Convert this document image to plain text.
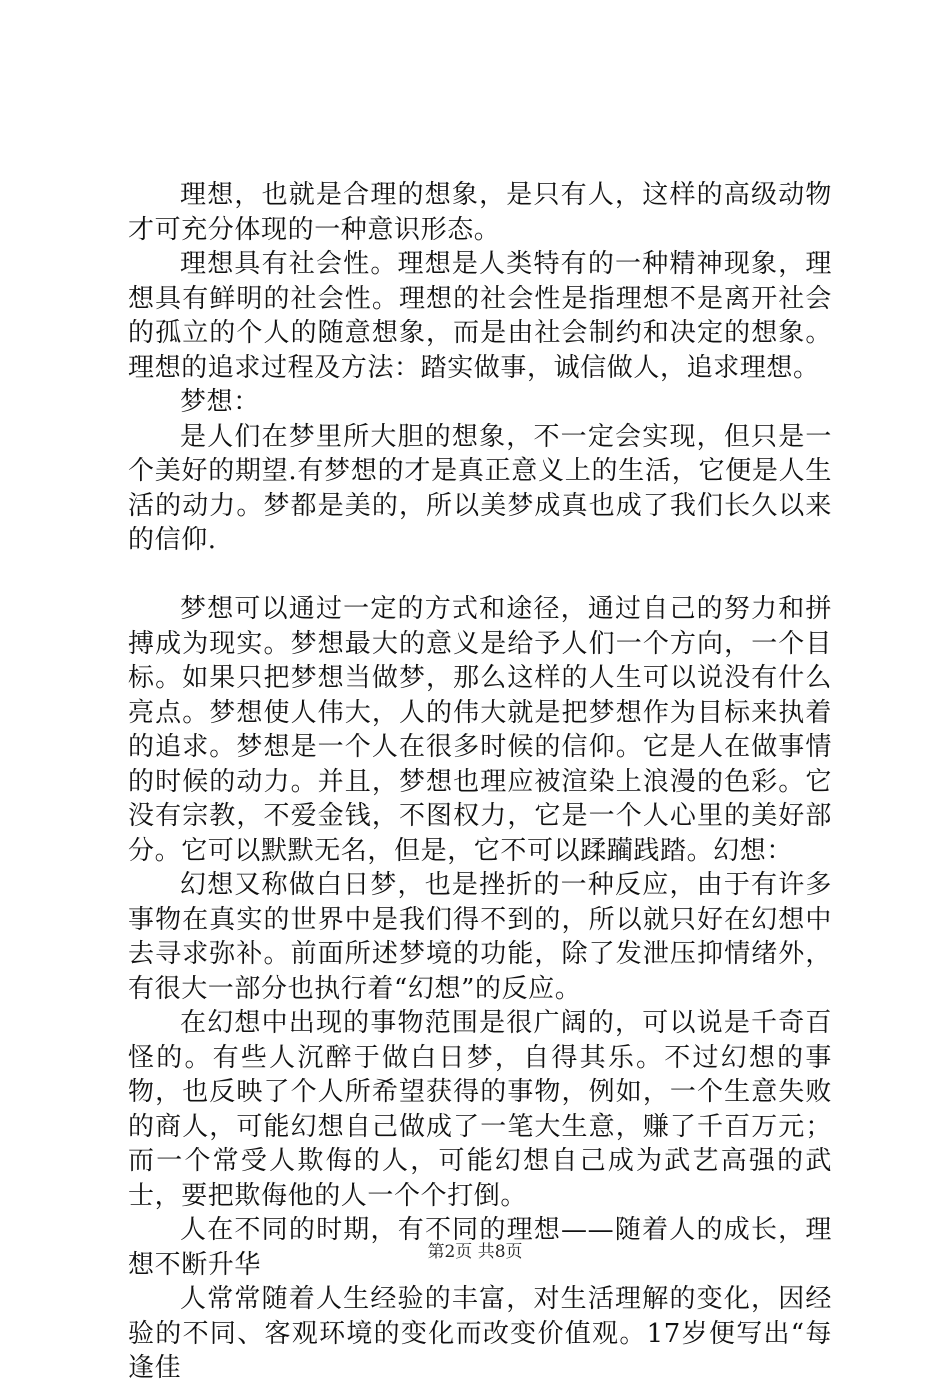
理想，也就是合理的想象，是只有人，这样的高级动物才可充分体现的一种意识形态。

理想具有社会性。理想是人类特有的一种精神现象，理想具有鲜明的社会性。理想的社会性是指理想不是离开社会的孤立的个人的随意想象，而是由社会制约和决定的想象。理想的追求过程及方法：踏实做事，诚信做人，追求理想。

梦想：

是人们在梦里所大胆的想象，不一定会实现，但只是一个美好的期望.有梦想的才是真正意义上的生活，它便是人生活的动力。梦都是美的，所以美梦成真也成了我们长久以来的信仰.

梦想可以通过一定的方式和途径，通过自己的努力和拼搏成为现实。梦想最大的意义是给予人们一个方向，一个目标。如果只把梦想当做梦，那么这样的人生可以说没有什么亮点。梦想使人伟大，人的伟大就是把梦想作为目标来执着的追求。梦想是一个人在很多时候的信仰。它是人在做事情的时候的动力。并且，梦想也理应被渲染上浪漫的色彩。它没有宗教，不爱金钱，不图权力，它是一个人心里的美好部分。它可以默默无名，但是，它不可以蹂躏践踏。幻想：

幻想又称做白日梦，也是挫折的一种反应，由于有许多事物在真实的世界中是我们得不到的，所以就只好在幻想中去寻求弥补。前面所述梦境的功能，除了发泄压抑情绪外，有很大一部分也执行着“幻想”的反应。

在幻想中出现的事物范围是很广阔的，可以说是千奇百怪的。有些人沉醉于做白日梦，自得其乐。不过幻想的事物，也反映了个人所希望获得的事物，例如，一个生意失败的商人，可能幻想自己做成了一笔大生意，赚了千百万元；而一个常受人欺侮的人，可能幻想自己成为武艺高强的武士，要把欺侮他的人一个个打倒。

人在不同的时期，有不同的理想——随着人的成长，理想不断升华

人常常随着人生经验的丰富，对生活理解的变化，因经验的不同、客观环境的变化而改变价值观。17岁便写出“每逢佳

第2页 共8页
